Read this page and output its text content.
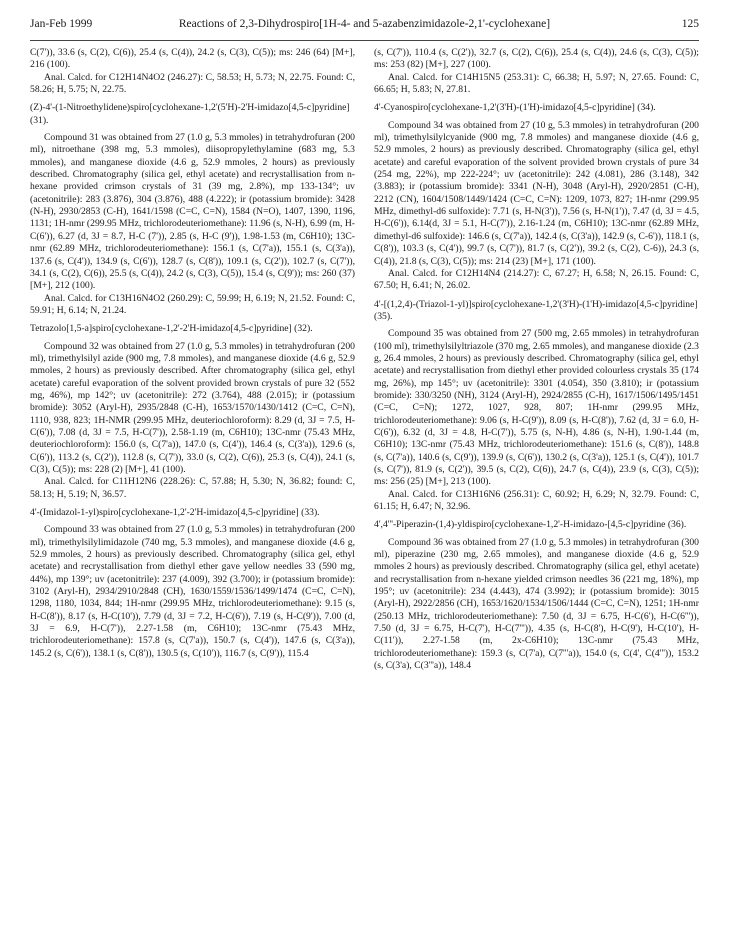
Jan-Feb 1999	Reactions of 2,3-Dihydrospiro[1H-4- and 5-azabenzimidazole-2,1'-cyclohexane]	125

C(7')), 33.6 (s, C(2), C(6)), 25.4 (s, C(4)), 24.2 (s, C(3), C(5)); ms: 246 (64) [M+], 216 (100).

Anal. Calcd. for C12H14N4O2 (246.27): C, 58.53; H, 5.73; N, 22.75. Found: C, 58.26; H, 5.75; N, 22.75.

(Z)-4'-(1-Nitroethylidene)spiro[cyclohexane-1,2'(5'H)-2'H-imidazo[4,5-c]pyridine] (31).

Compound 31 was obtained from 27 (1.0 g, 5.3 mmoles) in tetrahydrofuran (200 ml), nitroethane (398 mg, 5.3 mmoles), diisopropylethylamine (683 mg, 5.3 mmoles), and manganese dioxide (4.6 g, 52.9 mmoles, 2 hours) as previously described. Chromatography (silica gel, ethyl acetate) and recrystallisation from n-hexane provided crimson crystals of 31 (39 mg, 2.8%), mp 133-134°; uv (acetonitrile): 283 (3.876), 304 (3.876), 488 (4.222); ir (potassium bromide): 3428 (N-H), 2930/2853 (C-H), 1641/1598 (C=C, C=N), 1584 (N=O), 1407, 1390, 1196, 1131; 1H-nmr (299.95 MHz, trichlorodeuteriomethane): 11.96 (s, N-H), 6.99 (m, H-C(6')), 6.27 (d, 3J = 8.7, H-C (7')), 2.85 (s, H-C (9')), 1.98-1.53 (m, C6H10); 13C-nmr (62.89 MHz, trichlorodeuteriomethane): 156.1 (s, C(7'a)), 155.1 (s, C(3'a)), 137.6 (s, C(4')), 134.9 (s, C(6')), 128.7 (s, C(8')), 109.1 (s, C(2')), 102.7 (s, C(7')), 34.1 (s, C(2), C(6)), 25.5 (s, C(4)), 24.2 (s, C(3), C(5)), 15.4 (s, C(9')); ms: 260 (37) [M+], 212 (100).

Anal. Calcd. for C13H16N4O2 (260.29): C, 59.99; H, 6.19; N, 21.52. Found: C, 59.91; H, 6.14; N, 21.24.

Tetrazolo[1,5-a]spiro[cyclohexane-1,2'-2'H-imidazo[4,5-c]pyridine] (32).

Compound 32 was obtained from 27 (1.0 g, 5.3 mmoles) in tetrahydrofuran (200 ml), trimethylsilyl azide (900 mg, 7.8 mmoles), and manganese dioxide (4.6 g, 52.9 mmoles, 2 hours) as previously described. After chromatography (silica gel, ethyl acetate) careful evaporation of the solvent provided brown crystals of pure 32 (552 mg, 46%), mp 142°; uv (acetonitrile): 272 (3.764), 488 (2.015); ir (potassium bromide): 3052 (Aryl-H), 2935/2848 (C-H), 1653/1570/1430/1412 (C=C, C=N), 1110, 938, 823; 1H-NMR (299.95 MHz, deuteriochloroform): 8.29 (d, 3J = 7.5, H-C(6')), 7.08 (d, 3J = 7.5, H-C(7')), 2.58-1.19 (m, C6H10); 13C-nmr (75.43 MHz, deuteriochloroform): 156.0 (s, C(7'a)), 147.0 (s, C(4')), 146.4 (s, C(3'a)), 129.6 (s, C(6')), 113.2 (s, C(2')), 112.8 (s, C(7')), 33.0 (s, C(2), C(6)), 25.3 (s, C(4)), 24.1 (s, C(3), C(5)); ms: 228 (2) [M+], 41 (100).

Anal. Calcd. for C11H12N6 (228.26): C, 57.88; H, 5.30; N, 36.82; found: C, 58.13; H, 5.19; N, 36.57.

4'-(Imidazol-1-yl)spiro[cyclohexane-1,2'-2'H-imidazo[4,5-c]pyridine] (33).

Compound 33 was obtained from 27 (1.0 g, 5.3 mmoles) in tetrahydrofuran (200 ml), trimethylsilylimidazole (740 mg, 5.3 mmoles), and manganese dioxide (4.6 g, 52.9 mmoles, 2 hours) as previously described. Chromatography (silica gel, ethyl acetate) and recrystallisation from diethyl ether gave yellow needles 33 (590 mg, 44%), mp 139°; uv (acetonitrile): 237 (4.009), 392 (3.700); ir (potassium bromide): 3102 (Aryl-H), 2934/2910/2848 (CH), 1630/1559/1536/1499/1474 (C=C, C=N), 1298, 1180, 1034, 844; 1H-nmr (299.95 MHz, trichlorodeuteriomethane): 9.15 (s, H-C(8')), 8.17 (s, H-C(10')), 7.79 (d, 3J = 7.2, H-C(6')), 7.19 (s, H-C(9')), 7.00 (d, 3J = 6.9, H-C(7')), 2.27-1.58 (m, C6H10); 13C-nmr (75.43 MHz, trichlorodeuteriomethane): 157.8 (s, C(7'a)), 150.7 (s, C(4')), 147.6 (s, C(3'a)), 145.2 (s, C(6')), 138.1 (s, C(8')), 130.5 (s, C(10')), 116.7 (s, C(9')), 115.4

(s, C(7')), 110.4 (s, C(2')), 32.7 (s, C(2), C(6)), 25.4 (s, C(4)), 24.6 (s, C(3), C(5)); ms: 253 (82) [M+], 227 (100).

Anal. Calcd. for C14H15N5 (253.31): C, 66.38; H, 5.97; N, 27.65. Found: C, 66.65; H, 5.83; N, 27.81.

4'-Cyanospiro[cyclohexane-1,2'(3'H)-(1'H)-imidazo[4,5-c]pyridine] (34).

Compound 34 was obtained from 27 (10 g, 5.3 mmoles) in tetrahydrofuran (200 ml), trimethylsilylcyanide (900 mg, 7.8 mmoles) and manganese dioxide (4.6 g, 52.9 mmoles, 2 hours) as previously described. Chromatography (silica gel, ethyl acetate) and careful evaporation of the solvent provided brown crystals of pure 34 (254 mg, 22%), mp 222-224°; uv (acetonitrile): 242 (4.081), 286 (3.148), 342 (3.883); ir (potassium bromide): 3341 (N-H), 3048 (Aryl-H), 2920/2851 (C-H), 2212 (CN), 1604/1508/1449/1424 (C=C, C=N): 1209, 1073, 827; 1H-nmr (299.95 MHz, dimethyl-d6 sulfoxide): 7.71 (s, H-N(3')), 7.56 (s, H-N(1')), 7.47 (d, 3J = 4.5, H-C(6')), 6.14(d, 3J = 5.1, H-C(7')), 2.16-1.24 (m, C6H10); 13C-nmr (62.89 MHz, dimethyl-d6 sulfoxide): 146.6 (s, C(7'a)), 142.4 (s, C(3'a)), 142.9 (s, C-6')), 118.1 (s, C(8')), 103.3 (s, C(4')), 99.7 (s, C(7')), 81.7 (s, C(2')), 39.2 (s, C(2), C-6)), 24.3 (s, C(4)), 21.8 (s, C(3), C(5)); ms: 214 (23) [M+], 171 (100).

Anal. Calcd. for C12H14N4 (214.27): C, 67.27; H, 6.58; N, 26.15. Found: C, 67.50; H, 6.41; N, 26.02.

4'-[(1,2,4)-(Triazol-1-yl)]spiro[cyclohexane-1,2'(3'H)-(1'H)-imidazo[4,5-c]pyridine] (35).

Compound 35 was obtained from 27 (500 mg, 2.65 mmoles) in tetrahydrofuran (100 ml), trimethylsilyltriazole (370 mg, 2.65 mmoles), and manganese dioxide (2.3 g, 26.4 mmoles, 2 hours) as previously described. Chromatography (silica gel, ethyl acetate) and recrystallisation from diethyl ether provided colourless crystals 35 (174 mg, 26%), mp 145°; uv (acetonitrile): 3301 (4.054), 350 (3.810); ir (potassium bromide): 330/3250 (NH), 3124 (Aryl-H), 2924/2855 (C-H), 1617/1506/1495/1451 (C=C, C=N); 1272, 1027, 928, 807; 1H-nmr (299.95 MHz, trichlorodeuteriomethane): 9.06 (s, H-C(9')), 8.09 (s, H-C(8')), 7.62 (d, 3J = 6.0, H- C(6')), 6.32 (d, 3J = 4.8, H-C(7')), 5.75 (s, N-H), 4.86 (s, N-H), 1.90-1.44 (m, C6H10); 13C-nmr (75.43 MHz, trichlorodeuteriomethane): 151.6 (s, C(8')), 148.8 (s, C(7'a)), 140.6 (s, C(9')), 139.9 (s, C(6')), 130.2 (s, C(3'a)), 125.1 (s, C(4')), 101.7 (s, C(7')), 81.9 (s, C(2')), 39.5 (s, C(2), C(6)), 24.7 (s, C(4)), 23.9 (s, C(3), C(5)); ms: 256 (25) [M+], 213 (100).

Anal. Calcd. for C13H16N6 (256.31): C, 60.92; H, 6.29; N, 32.79. Found: C, 61.15; H, 6.47; N, 32.96.

4',4'''-Piperazin-(1,4)-yldispiro[cyclohexane-1,2'-H-imidazo-[4,5-c]pyridine (36).

Compound 36 was obtained from 27 (1.0 g, 5.3 mmoles) in tetrahydrofuran (300 ml), piperazine (230 mg, 2.65 mmoles), and manganese dioxide (4.6 g, 52.9 mmoles 2 hours) as previously described. Chromatography (silica gel, ethyl acetate) and recrystallisation from n-hexane yielded crimson needles 36 (221 mg, 18%), mp 195°; uv (acetonitrile): 234 (4.443), 474 (3.992); ir (potassium bromide): 3015 (Aryl-H), 2922/2856 (CH), 1653/1620/1534/1506/1444 (C=C, C=N), 1251; 1H-nmr (250.13 MHz, trichlorodeuteriomethane): 7.50 (d, 3J = 6.75, H-C(6'), H-C(6''')), 7.50 (d, 3J = 6.75, H-C(7'), H-C(7''')), 4.35 (s, H-C(8'), H-C(9'), H-C(10'), H-C(11')), 2.27-1.58 (m, 2x-C6H10); 13C-nmr (75.43 MHz, trichlorodeuteriomethane): 159.3 (s, C(7'a), C(7'''a)), 154.0 (s, C(4', C(4''')), 153.2 (s, C(3'a), C(3'''a)), 148.4
